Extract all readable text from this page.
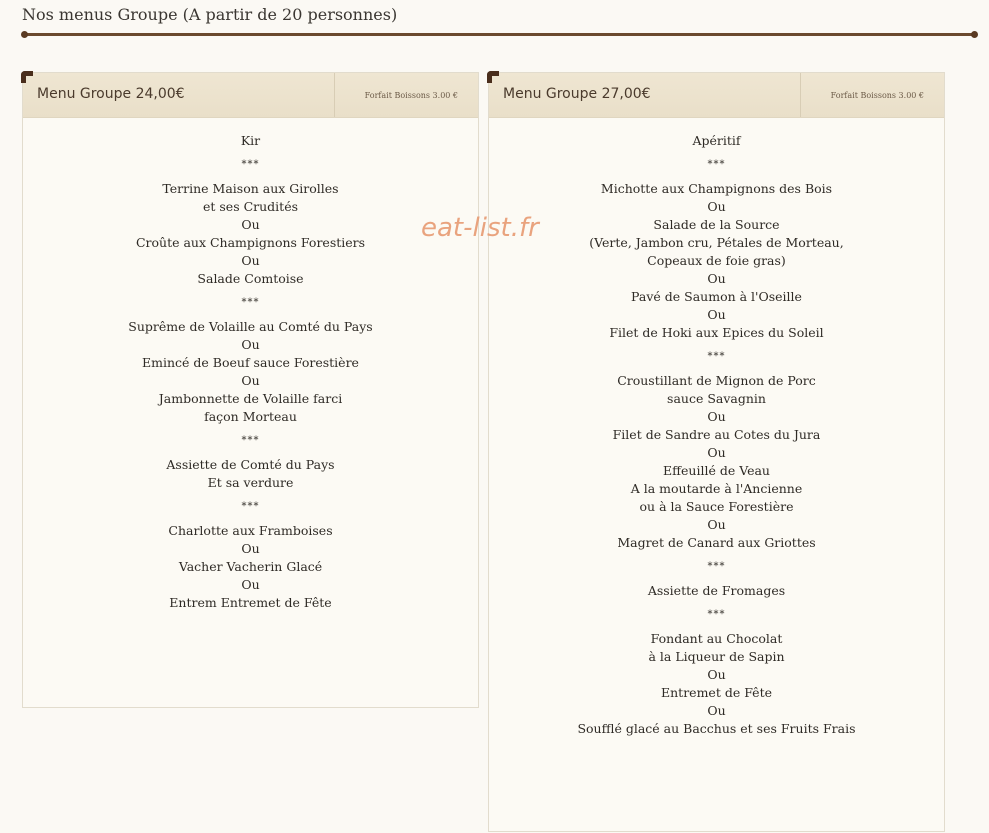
Nos menus Groupe (A partir de 20 personnes)
Menu Groupe 24,00€	Forfait Boissons 3.00 €
Kir
***
Terrine Maison aux Girolles
et ses Crudités
Ou
Croûte aux Champignons Forestiers
Ou
Salade Comtoise
***
Suprême de Volaille au Comté du Pays
Ou
Emincé de Boeuf sauce Forestière
Ou
Jambonnette de Volaille farci
façon Morteau
***
Assiette de Comté du Pays
Et sa verdure
***
Charlotte aux Framboises
Ou
Vacher Vacherin Glacé
Ou
Entrem Entremet de Fête
Menu Groupe 27,00€	Forfait Boissons 3.00 €
Apéritif
***
Michotte aux Champignons des Bois
Ou
Salade de la Source
(Verte, Jambon cru, Pétales de Morteau,
Copeaux de foie gras)
Ou
Pavé de Saumon à l'Oseille
Ou
Filet de Hoki aux Epices du Soleil
***
Croustillant de Mignon de Porc
sauce Savagnin
Ou
Filet de Sandre au Cotes du Jura
Ou
Effeuillé de Veau
A la moutarde à l'Ancienne
ou à la Sauce Forestière
Ou
Magret de Canard aux Griottes
***
Assiette de Fromages
***
Fondant au Chocolat
à la Liqueur de Sapin
Ou
Entremet de Fête
Ou
Soufflé glacé au Bacchus et ses Fruits Frais
eat-list.fr
